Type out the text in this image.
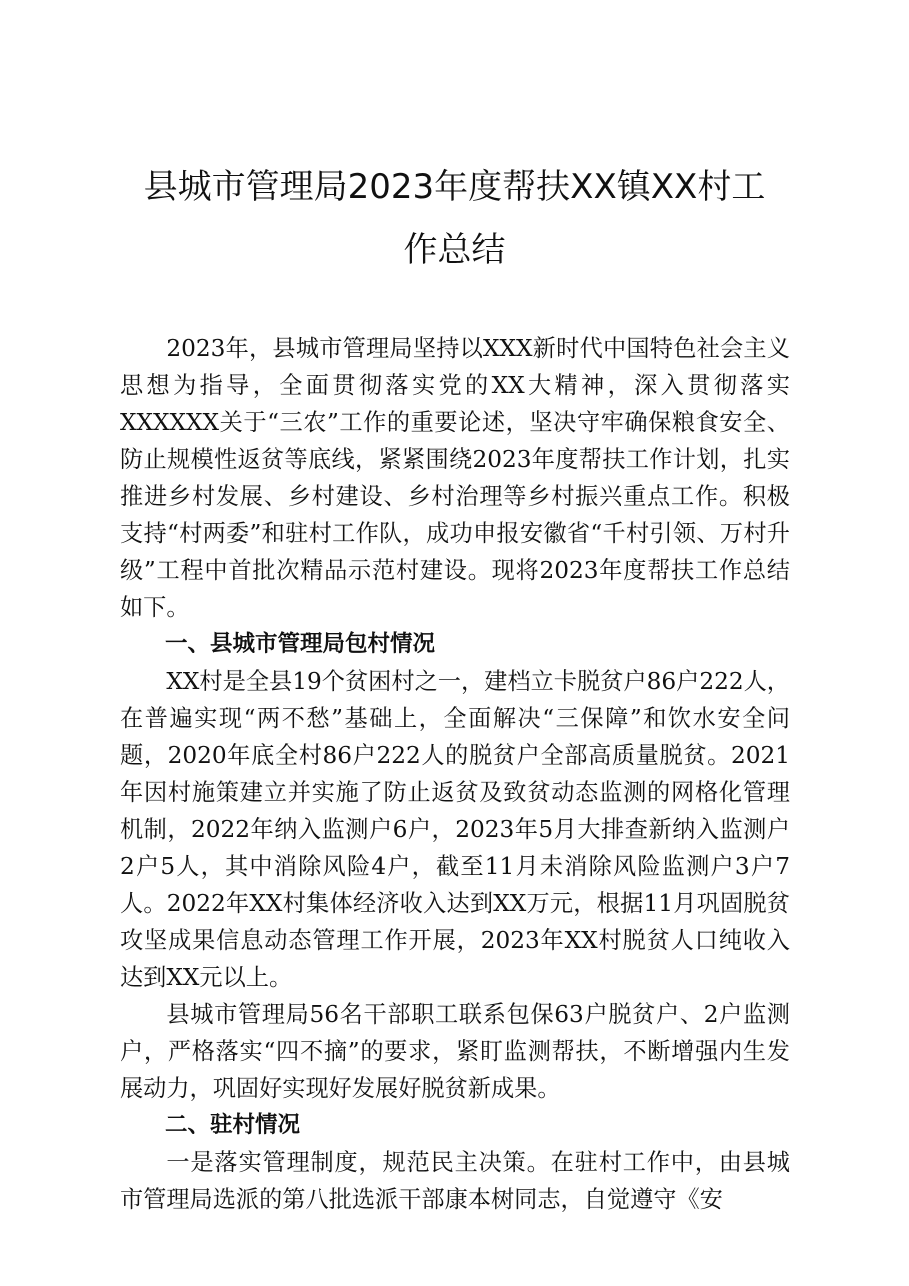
县城市管理局2023年度帮扶XX镇XX村工
作总结

2023年，县城市管理局坚持以XXX新时代中国特色社会主义思想为指导，全面贯彻落实党的XX大精神，深入贯彻落实XXXXXX关于“三农”工作的重要论述，坚决守牢确保粮食安全、防止规模性返贫等底线，紧紧围绕2023年度帮扶工作计划，扎实推进乡村发展、乡村建设、乡村治理等乡村振兴重点工作。积极支持“村两委”和驻村工作队，成功申报安徽省“千村引领、万村升级”工程中首批次精品示范村建设。现将2023年度帮扶工作总结如下。

一、县城市管理局包村情况

XX村是全县19个贫困村之一，建档立卡脱贫户86户222人，在普遍实现“两不愁”基础上，全面解决“三保障”和饮水安全问题，2020年底全村86户222人的脱贫户全部高质量脱贫。2021年因村施策建立并实施了防止返贫及致贫动态监测的网格化管理机制，2022年纳入监测户6户，2023年5月大排查新纳入监测户2户5人，其中消除风险4户，截至11月未消除风险监测户3户7人。2022年XX村集体经济收入达到XX万元，根据11月巩固脱贫攻坚成果信息动态管理工作开展，2023年XX村脱贫人口纯收入达到XX元以上。

县城市管理局56名干部职工联系包保63户脱贫户、2户监测户，严格落实“四不摘”的要求，紧盯监测帮扶，不断增强内生发展动力，巩固好实现好发展好脱贫新成果。

二、驻村情况

一是落实管理制度，规范民主决策。在驻村工作中，由县城市管理局选派的第八批选派干部康本树同志，自觉遵守《安
